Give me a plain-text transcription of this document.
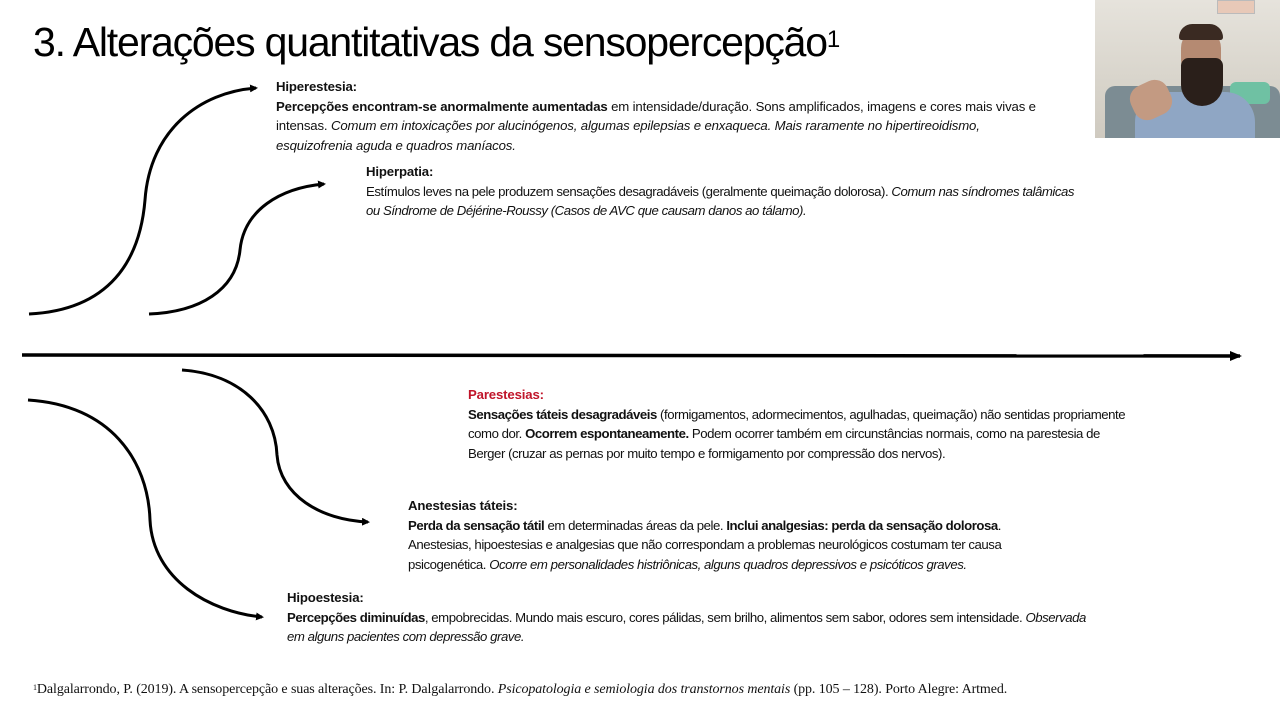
3. Alterações quantitativas da sensopercepção$^1$
Hiperestesia:
Percepções encontram-se anormalmente aumentadas em intensidade/duração. Sons amplificados, imagens e cores mais vivas e
intensas. Comum em intoxicações por alucinógenos, algumas epilepsias e enxaqueca. Mais raramente no hipertireoidismo,
esquizofrenia aguda e quadros maníacos.
Hiperpatia:
Estímulos leves na pele produzem sensações desagradáveis (geralmente queimação dolorosa). Comum nas síndromes talâmicas
ou Síndrome de Déjérine-Roussy (Casos de AVC que causam danos ao tálamo).
Parestesias:
Sensações táteis desagradáveis (formigamentos, adormecimentos, agulhadas, queimação) não sentidas propriamente
como dor. Ocorrem espontaneamente. Podem ocorrer também em circunstâncias normais, como na parestesia de
Berger (cruzar as pernas por muito tempo e formigamento por compressão dos nervos).
Anestesias táteis:
Perda da sensação tátil em determinadas áreas da pele. Inclui analgesias: perda da sensação dolorosa.
Anestesias, hipoestesias e analgesias que não correspondam a problemas neurológicos costumam ter causa
psicogenética. Ocorre em personalidades histriônicas, alguns quadros depressivos e psicóticos graves.
Hipoestesia:
Percepções diminuídas, empobrecidas. Mundo mais escuro, cores pálidas, sem brilho, alimentos sem sabor, odores sem intensidade. Observada
em alguns pacientes com depressão grave.
$^1$Dalgalarrondo, P. (2019). A sensopercepção e suas alterações. In: P. Dalgalarrondo. Psicopatologia e semiologia dos transtornos mentais (pp. 105 – 128). Porto Alegre: Artmed.
